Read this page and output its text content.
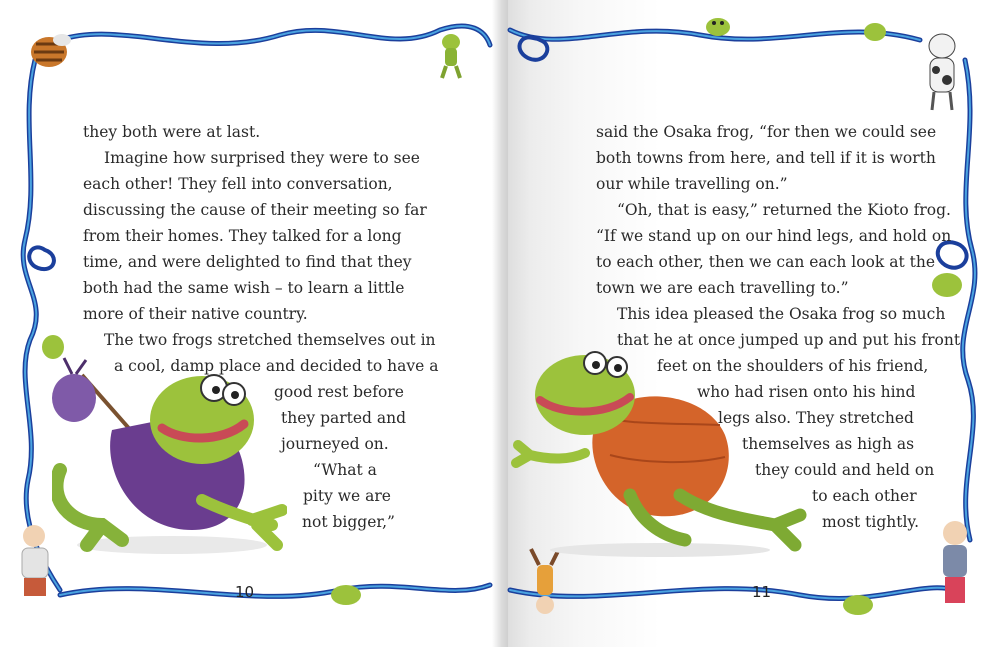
they both were at last.
Imagine how surprised they were to see
each other! They fell into conversation,
discussing the cause of their meeting so far
from their homes. They talked for a long
time, and were delighted to find that they
both had the same wish – to learn a little
more of their native country.
The two frogs stretched themselves out in
a cool, damp place and decided to have a
good rest before
they parted and
journeyed on.
“What a
pity we are
not bigger,”
said the Osaka frog, “for then we could see
both towns from here, and tell if it is worth
our while travelling on.”
“Oh, that is easy,” returned the Kioto frog.
“If we stand up on our hind legs, and hold on
to each other, then we can each look at the
town we are each travelling to.”
This idea pleased the Osaka frog so much
that he at once jumped up and put his front
feet on the shoulders of his friend,
who had risen onto his hind
legs also. They stretched
themselves as high as
they could and held on
to each other
most tightly.
10	11
